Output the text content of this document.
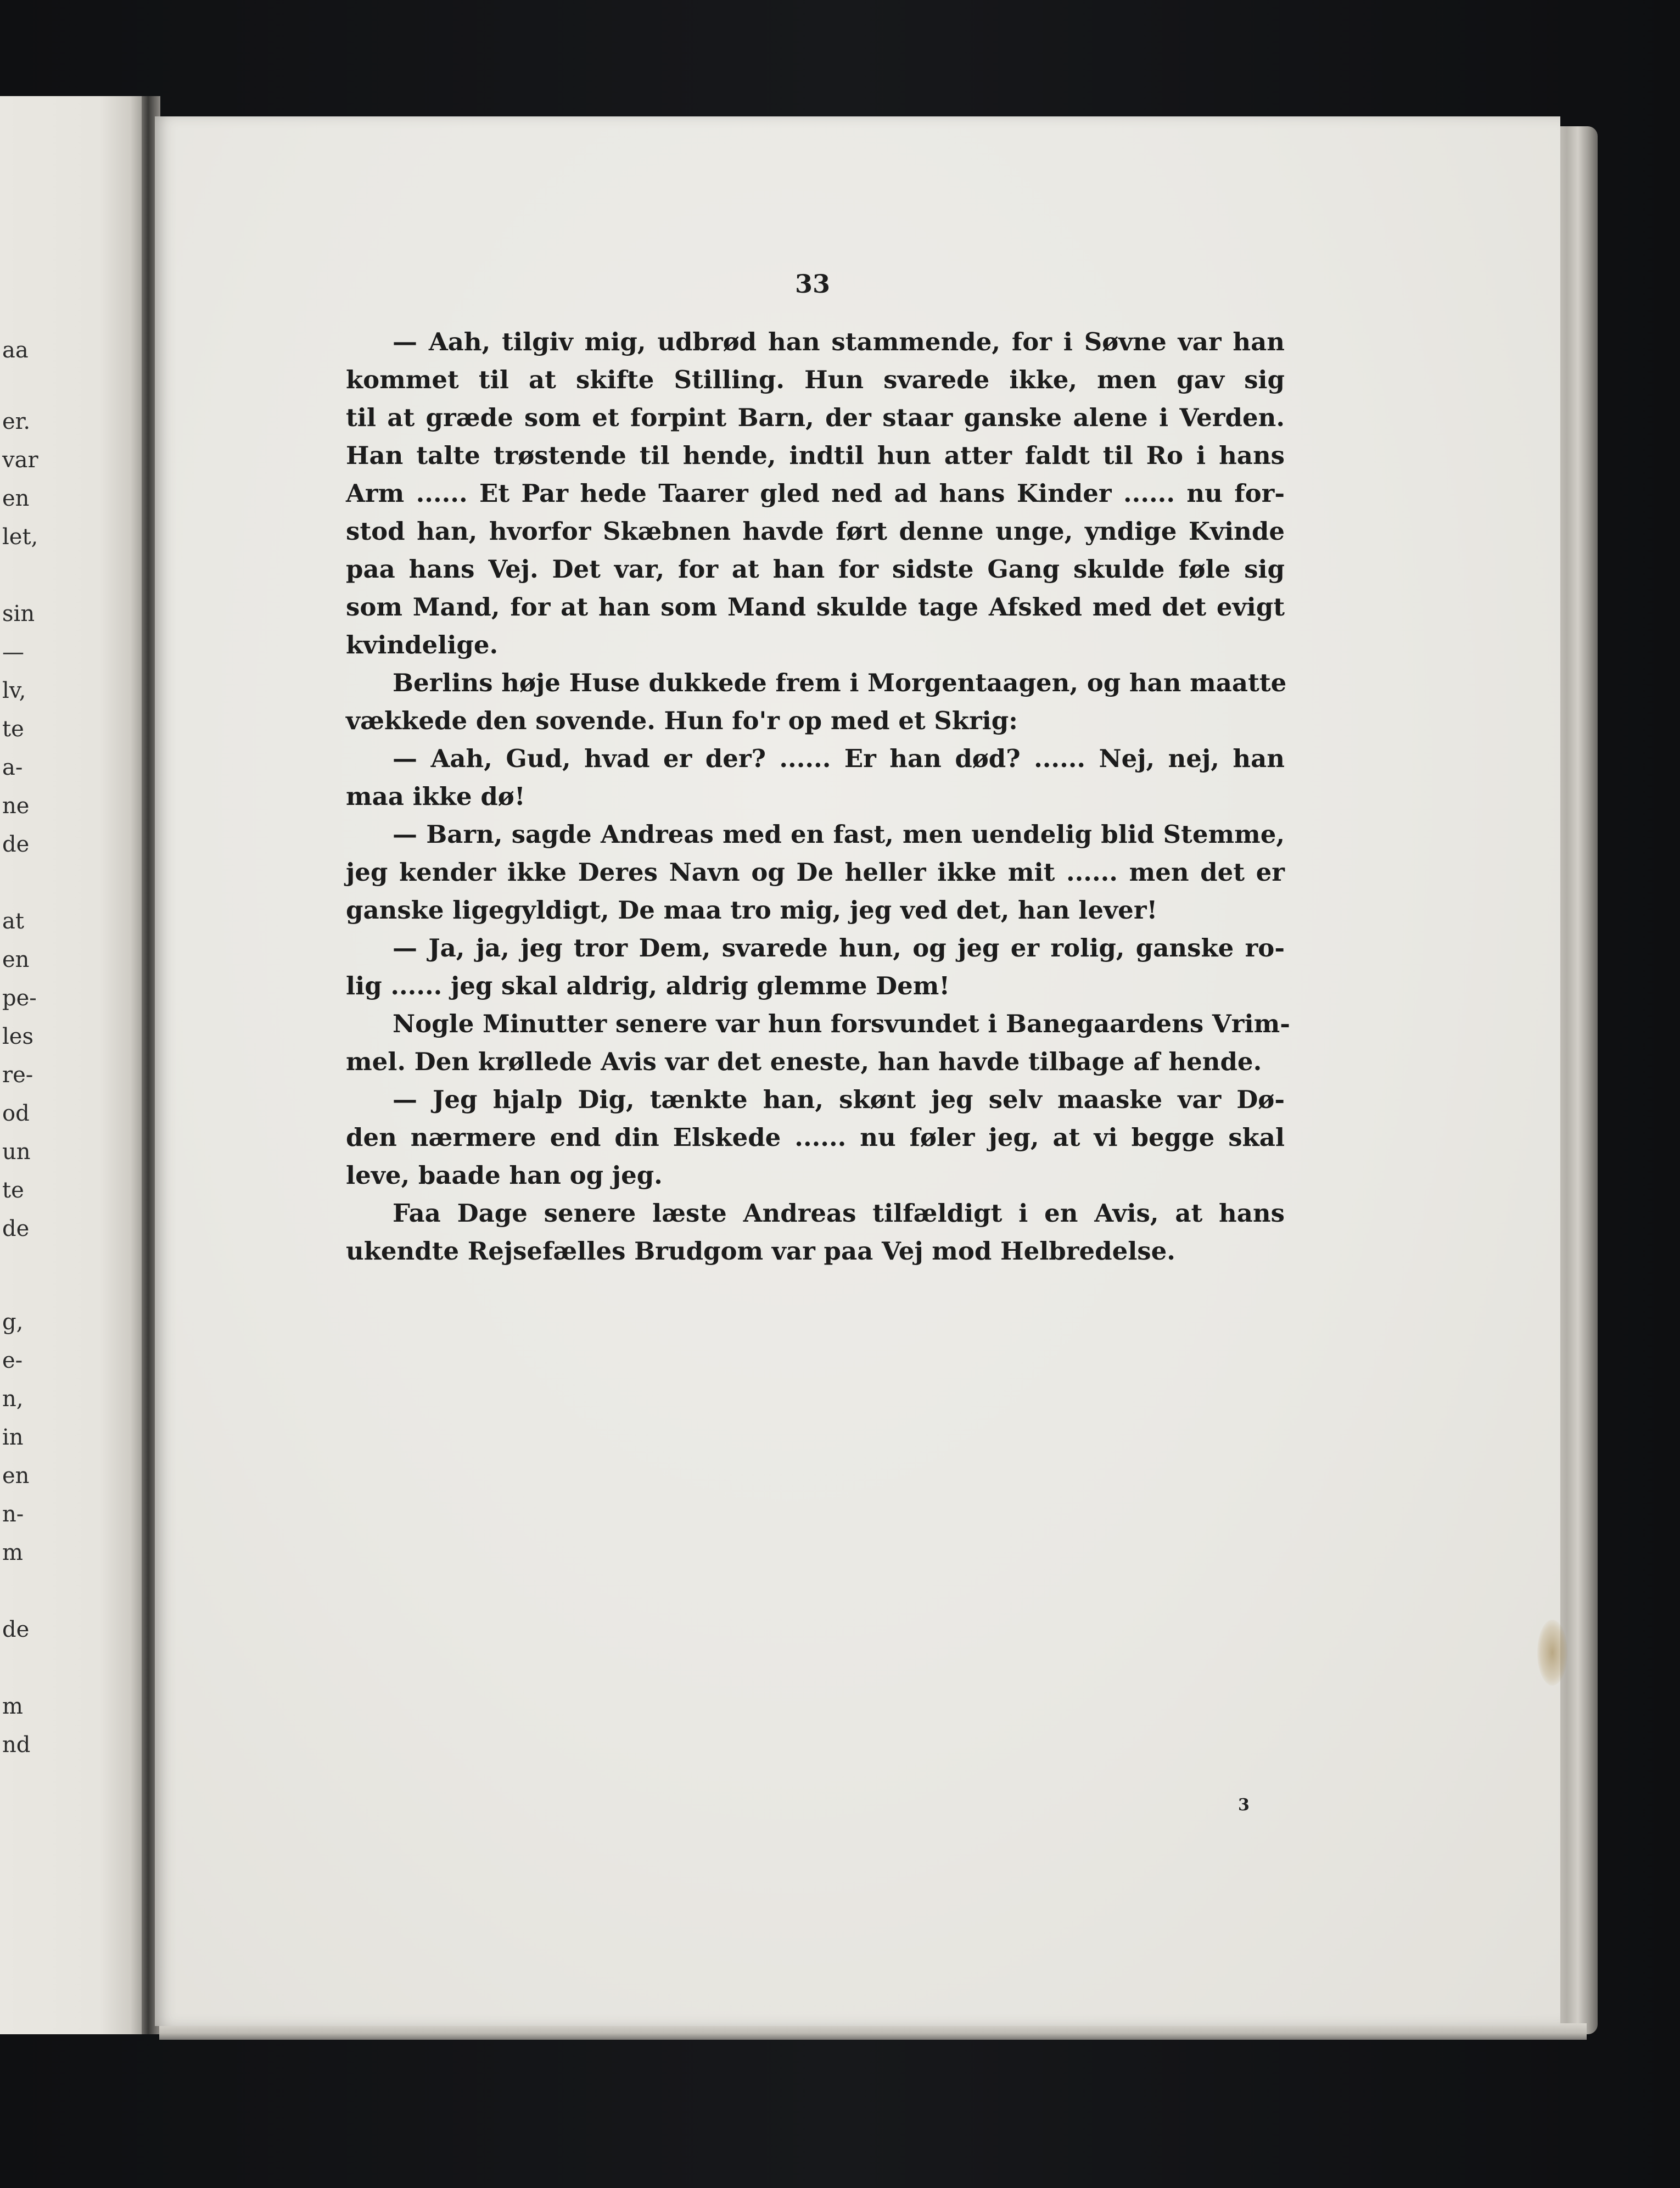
aa
er.
var
en
let,
sin
—
lv,
te
a-
ne
de
at
en
pe-
les
re-
od
un
te
de
g,
e-
n,
in
en
n-
m
de
m
nd

33

— Aah, tilgiv mig, udbrød han stammende, for i Søvne var han
kommet til at skifte Stilling. Hun svarede ikke, men gav sig
til at græde som et forpint Barn, der staar ganske alene i Verden.
Han talte trøstende til hende, indtil hun atter faldt til Ro i hans
Arm ...... Et Par hede Taarer gled ned ad hans Kinder ...... nu for-
stod han, hvorfor Skæbnen havde ført denne unge, yndige Kvinde
paa hans Vej. Det var, for at han for sidste Gang skulde føle sig
som Mand, for at han som Mand skulde tage Afsked med det evigt
kvindelige.
Berlins høje Huse dukkede frem i Morgentaagen, og han maatte
vækkede den sovende. Hun fo'r op med et Skrig:
— Aah, Gud, hvad er der? ...... Er han død? ...... Nej, nej, han
maa ikke dø!
— Barn, sagde Andreas med en fast, men uendelig blid Stemme,
jeg kender ikke Deres Navn og De heller ikke mit ...... men det er
ganske ligegyldigt, De maa tro mig, jeg ved det, han lever!
— Ja, ja, jeg tror Dem, svarede hun, og jeg er rolig, ganske ro-
lig ...... jeg skal aldrig, aldrig glemme Dem!
Nogle Minutter senere var hun forsvundet i Banegaardens Vrim-
mel. Den krøllede Avis var det eneste, han havde tilbage af hende.
— Jeg hjalp Dig, tænkte han, skønt jeg selv maaske var Dø-
den nærmere end din Elskede ...... nu føler jeg, at vi begge skal
leve, baade han og jeg.
Faa Dage senere læste Andreas tilfældigt i en Avis, at hans
ukendte Rejsefælles Brudgom var paa Vej mod Helbredelse.

3
